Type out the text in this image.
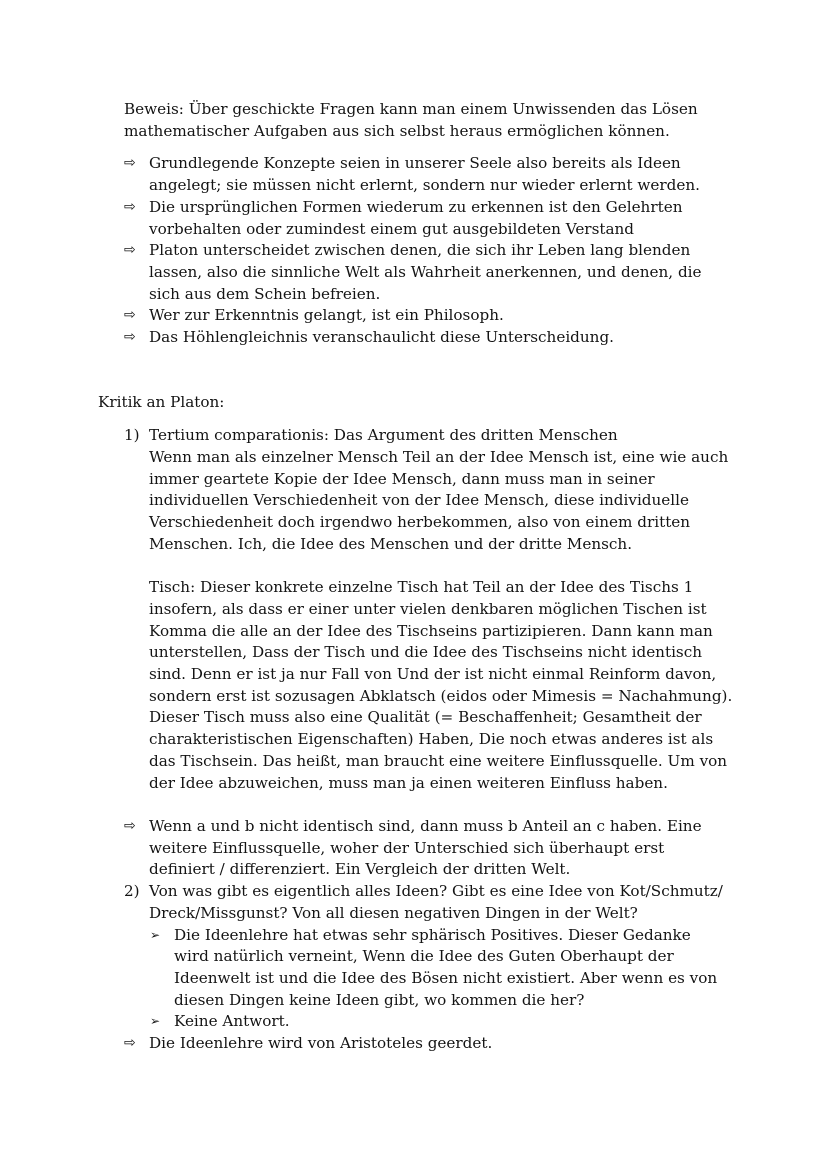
Beweis: Über geschickte Fragen kann man einem Unwissenden das Lösen
mathematischer Aufgaben aus sich selbst heraus ermöglichen können.
⇨ Grundlegende Konzepte seien in unserer Seele also bereits als Ideen
angelegt; sie müssen nicht erlernt, sondern nur wieder erlernt werden.
⇨ Die ursprünglichen Formen wiederum zu erkennen ist den Gelehrten
vorbehalten oder zumindest einem gut ausgebildeten Verstand
⇨ Platon unterscheidet zwischen denen, die sich ihr Leben lang blenden
lassen, also die sinnliche Welt als Wahrheit anerkennen, und denen, die
sich aus dem Schein befreien.
⇨ Wer zur Erkenntnis gelangt, ist ein Philosoph.
⇨ Das Höhlengleichnis veranschaulicht diese Unterscheidung.
Kritik an Platon:
1) Tertium comparationis: Das Argument des dritten Menschen
Wenn man als einzelner Mensch Teil an der Idee Mensch ist, eine wie auch
immer geartete Kopie der Idee Mensch, dann muss man in seiner
individuellen Verschiedenheit von der Idee Mensch, diese individuelle
Verschiedenheit doch irgendwo herbekommen, also von einem dritten
Menschen. Ich, die Idee des Menschen und der dritte Mensch.
Tisch: Dieser konkrete einzelne Tisch hat Teil an der Idee des Tischs 1
insofern, als dass er einer unter vielen denkbaren möglichen Tischen ist
Komma die alle an der Idee des Tischseins partizipieren. Dann kann man
unterstellen, Dass der Tisch und die Idee des Tischseins nicht identisch
sind. Denn er ist ja nur Fall von Und der ist nicht einmal Reinform davon,
sondern erst ist sozusagen Abklatsch (eidos oder Mimesis = Nachahmung).
Dieser Tisch muss also eine Qualität (= Beschaffenheit; Gesamtheit der
charakteristischen Eigenschaften) Haben, Die noch etwas anderes ist als
das Tischsein. Das heißt, man braucht eine weitere Einflussquelle. Um von
der Idee abzuweichen, muss man ja einen weiteren Einfluss haben.
⇨ Wenn a und b nicht identisch sind, dann muss b Anteil an c haben. Eine
weitere Einflussquelle, woher der Unterschied sich überhaupt erst
definiert / differenziert. Ein Vergleich der dritten Welt.
2) Von was gibt es eigentlich alles Ideen? Gibt es eine Idee von Kot/Schmutz/
Dreck/Missgunst? Von all diesen negativen Dingen in der Welt?
➢ Die Ideenlehre hat etwas sehr sphärisch Positives. Dieser Gedanke
wird natürlich verneint, Wenn die Idee des Guten Oberhaupt der
Ideenwelt ist und die Idee des Bösen nicht existiert. Aber wenn es von
diesen Dingen keine Ideen gibt, wo kommen die her?
➢ Keine Antwort.
⇨ Die Ideenlehre wird von Aristoteles geerdet.
